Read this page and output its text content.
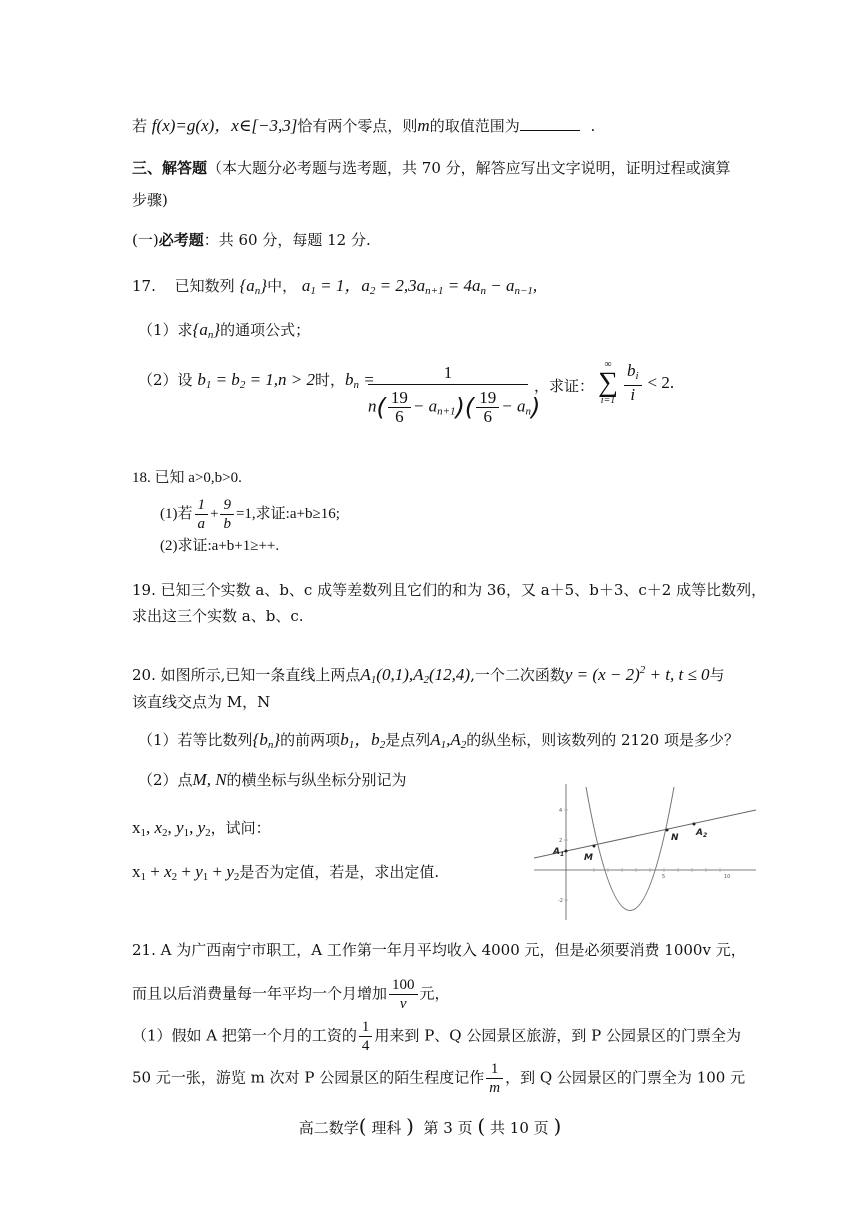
若 f(x)=g(x)，x∈[−3,3]恰有两个零点，则m的取值范围为	.
三、解答题（本大题分必考题与选考题，共 70 分，解答应写出文字说明，证明过程或演算
步骤)
(一)必考题：共 60 分，每题 12 分.
17. 已知数列 $\{a_n\}$中， $a_1 = 1$，$a_2 = 2,3a_{n+1} = 4a_n - a_{n-1}$,
（1）求$\{a_n\}$的通项公式；
（2）设 $b_1 = b_2 = 1,n > 2$时，$b_n$ =	1
$n( \frac{19}{6} - a_{n+1})( \frac{19}{6} - a_n)$
，求证：
∞
∑
i=1
$\frac{b_i}{i} < 2$.
18. 已知 a>0,b>0.
(1)若 $\frac{1}{a} + \frac{9}{b} =1$,求证:a+b≥16;
(2)求证:a+b+1≥++.
19. 已知三个实数 a、b、c 成等差数列且它们的和为 36，又 a＋5、b＋3、c＋2 成等比数列，
求出这三个实数 a、b、c.
20. 如图所示,已知一条直线上两点$A_1(0,1),A_2(12,4)$,一个二次函数$y = (x - 2)^2 + t$, t ≤ 0与
该直线交点为 M，N
（1）若等比数列$\{b_n\}$的前两项$b_1$，$b_2$是点列$A_1,A_2$的纵坐标，则该数列的 2120 项是多少？
（2）点M, N的横坐标与纵坐标分别记为
$x_1$, $x_2$, $y_1$, $y_2$，试问：
$x_1 + x_2 + y_1 + y_2$是否为定值，若是，求出定值.	5	10
4
2
-2
$A_1$ M
N $A_2$
21. A 为广西南宁市职工，A 工作第一年月平均收入 4000 元，但是必须要消费 1000v 元，
而且以后消费量每一年平均一个月增加 $\frac{100}{v}$ 元，
（1）假如 A 把第一个月的工资的 $\frac{1}{4}$ 用来到 P、Q 公园景区旅游，到 P 公园景区的门票全为
50 元一张，游览 m 次对 P 公园景区的陌生程度记作 $\frac{1}{m}$ ，到 Q 公园景区的门票全为 100 元
高二数学( 理科 ) 第 3 页 ( 共 10 页 )
